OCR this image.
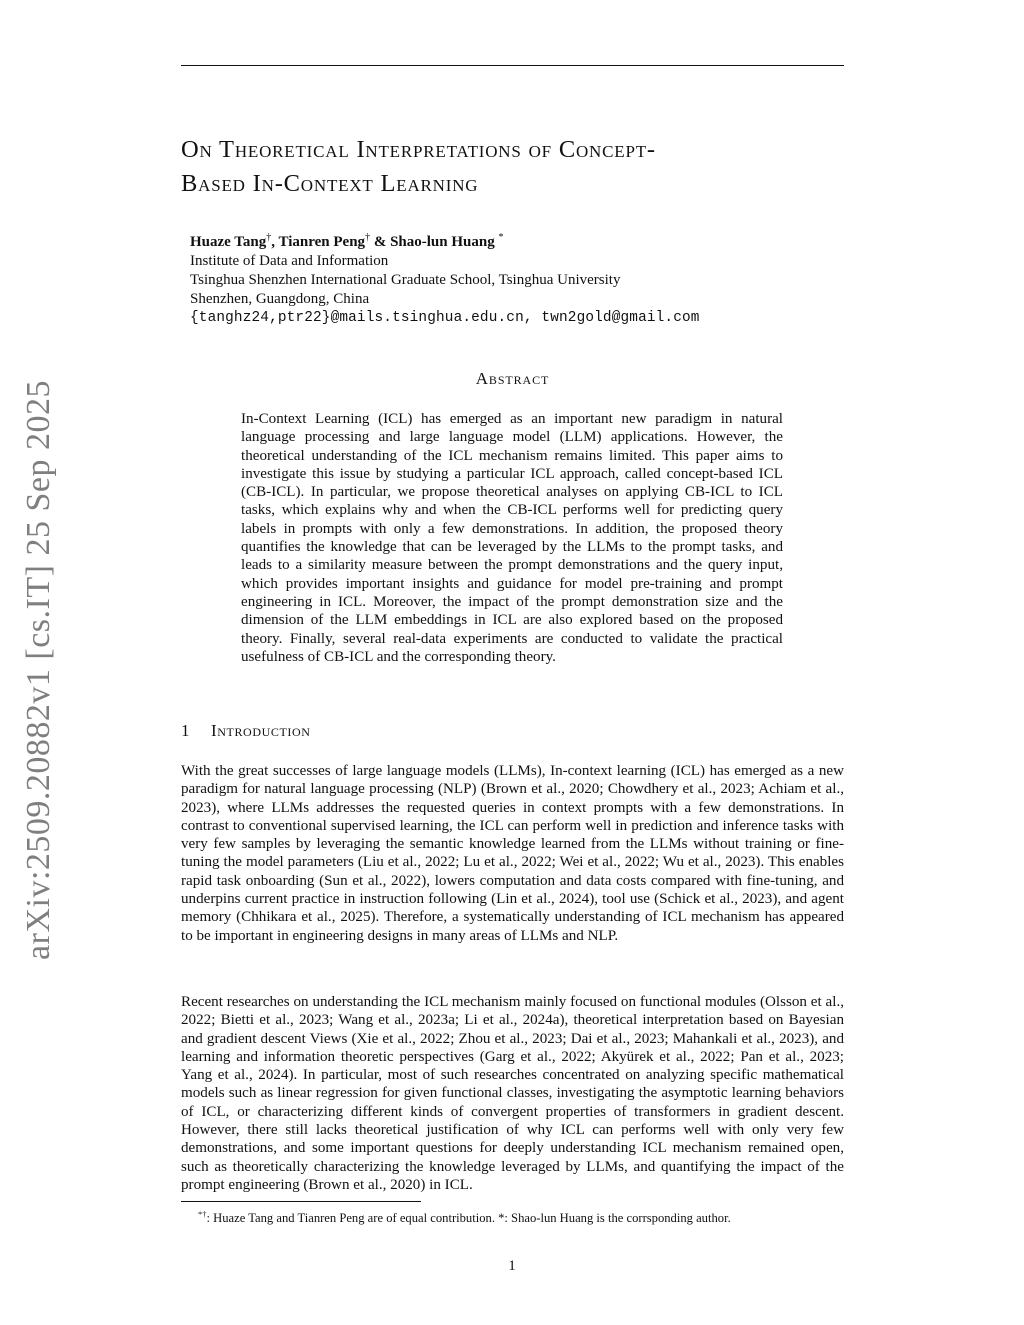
On Theoretical Interpretations of Concept-
Based In-Context Learning
Huaze Tang†, Tianren Peng† & Shao-lun Huang *
Institute of Data and Information
Tsinghua Shenzhen International Graduate School, Tsinghua University
Shenzhen, Guangdong, China
{tanghz24,ptr22}@mails.tsinghua.edu.cn, twn2gold@gmail.com
Abstract

In-Context Learning (ICL) has emerged as an important new paradigm in natural language processing and large language model (LLM) applications. However, the theoretical understanding of the ICL mechanism remains limited. This paper aims to investigate this issue by studying a particular ICL approach, called concept-based ICL (CB-ICL). In particular, we propose theoretical analyses on applying CB-ICL to ICL tasks, which explains why and when the CB-ICL performs well for predicting query labels in prompts with only a few demonstrations. In addition, the proposed theory quantifies the knowledge that can be leveraged by the LLMs to the prompt tasks, and leads to a similarity measure between the prompt demonstrations and the query input, which provides important insights and guidance for model pre-training and prompt engineering in ICL. Moreover, the impact of the prompt demonstration size and the dimension of the LLM embeddings in ICL are also explored based on the proposed theory. Finally, several real-data experiments are conducted to validate the practical usefulness of CB-ICL and the corresponding theory.

1 Introduction

With the great successes of large language models (LLMs), In-context learning (ICL) has emerged as a new paradigm for natural language processing (NLP) (Brown et al., 2020; Chowdhery et al., 2023; Achiam et al., 2023), where LLMs addresses the requested queries in context prompts with a few demonstrations. In contrast to conventional supervised learning, the ICL can perform well in prediction and inference tasks with very few samples by leveraging the semantic knowledge learned from the LLMs without training or fine-tuning the model parameters (Liu et al., 2022; Lu et al., 2022; Wei et al., 2022; Wu et al., 2023). This enables rapid task onboarding (Sun et al., 2022), lowers computation and data costs compared with fine-tuning, and underpins current practice in instruction following (Lin et al., 2024), tool use (Schick et al., 2023), and agent memory (Chhikara et al., 2025). Therefore, a systematically understanding of ICL mechanism has appeared to be important in engineering designs in many areas of LLMs and NLP.

Recent researches on understanding the ICL mechanism mainly focused on functional modules (Olsson et al., 2022; Bietti et al., 2023; Wang et al., 2023a; Li et al., 2024a), theoretical interpretation based on Bayesian and gradient descent Views (Xie et al., 2022; Zhou et al., 2023; Dai et al., 2023; Mahankali et al., 2023), and learning and information theoretic perspectives (Garg et al., 2022; Akyürek et al., 2022; Pan et al., 2023; Yang et al., 2024). In particular, most of such researches concentrated on analyzing specific mathematical models such as linear regression for given functional classes, investigating the asymptotic learning behaviors of ICL, or characterizing different kinds of convergent properties of transformers in gradient descent. However, there still lacks theoretical justification of why ICL can performs well with only very few demonstrations, and some important questions for deeply understanding ICL mechanism remained open, such as theoretically characterizing the knowledge leveraged by LLMs, and quantifying the impact of the prompt engineering (Brown et al., 2020) in ICL.

*†: Huaze Tang and Tianren Peng are of equal contribution. *: Shao-lun Huang is the corrsponding author.
1
arXiv:2509.20882v1 [cs.IT] 25 Sep 2025
